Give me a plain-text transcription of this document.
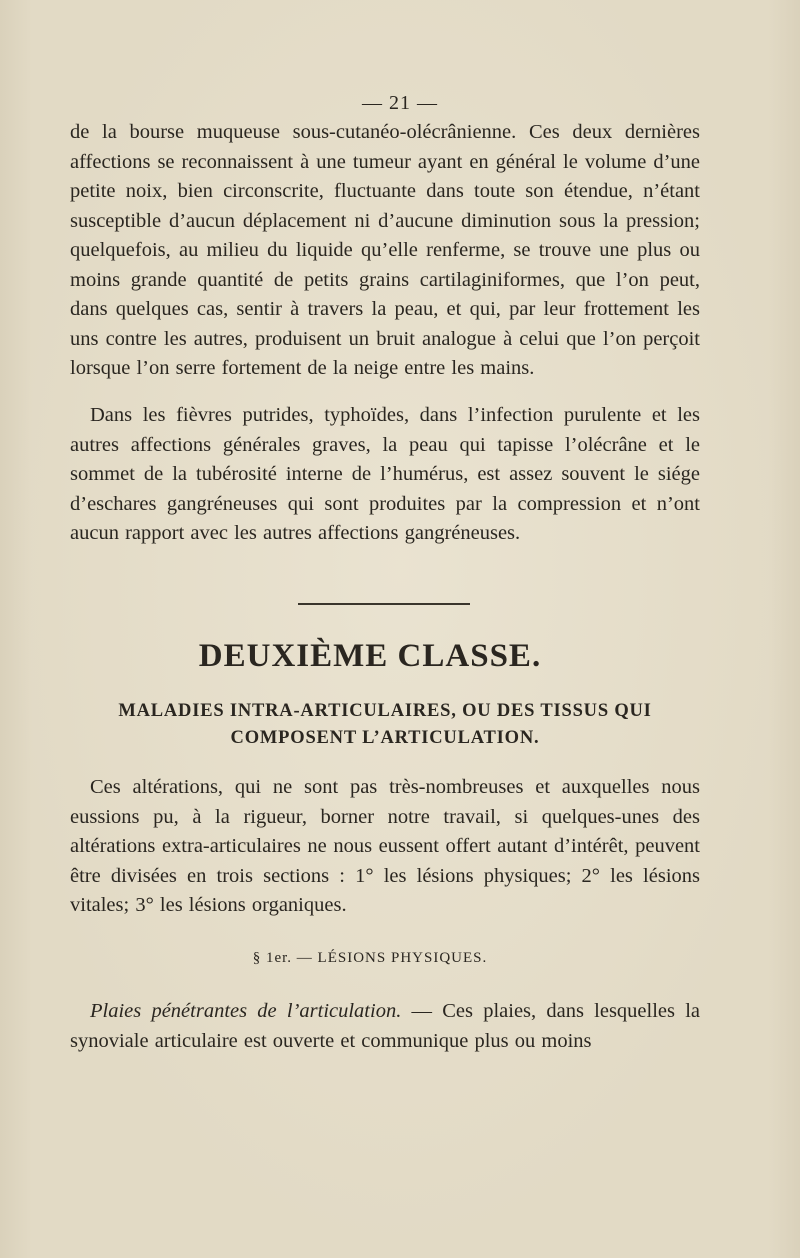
— 21 —

de la bourse muqueuse sous-cutanéo-olécrânienne. Ces deux dernières affections se reconnaissent à une tumeur ayant en général le volume d’une petite noix, bien circonscrite, fluctuante dans toute son étendue, n’étant susceptible d’aucun déplacement ni d’aucune diminution sous la pression; quelquefois, au milieu du liquide qu’elle renferme, se trouve une plus ou moins grande quantité de petits grains cartilaginiformes, que l’on peut, dans quelques cas, sentir à travers la peau, et qui, par leur frottement les uns contre les autres, produisent un bruit analogue à celui que l’on perçoit lorsque l’on serre fortement de la neige entre les mains.

Dans les fièvres putrides, typhoïdes, dans l’infection purulente et les autres affections générales graves, la peau qui tapisse l’olécrâne et le sommet de la tubérosité interne de l’humérus, est assez souvent le siége d’eschares gangréneuses qui sont produites par la compression et n’ont aucun rapport avec les autres affections gangréneuses.

DEUXIÈME CLASSE.
MALADIES INTRA-ARTICULAIRES, OU DES TISSUS QUI COMPOSENT L’ARTICULATION.

Ces altérations, qui ne sont pas très-nombreuses et auxquelles nous eussions pu, à la rigueur, borner notre travail, si quelques-unes des altérations extra-articulaires ne nous eussent offert autant d’intérêt, peuvent être divisées en trois sections : 1° les lésions physiques; 2° les lésions vitales; 3° les lésions organiques.

§ 1er. — LÉSIONS PHYSIQUES.

Plaies pénétrantes de l’articulation. — Ces plaies, dans lesquelles la synoviale articulaire est ouverte et communique plus ou moins
